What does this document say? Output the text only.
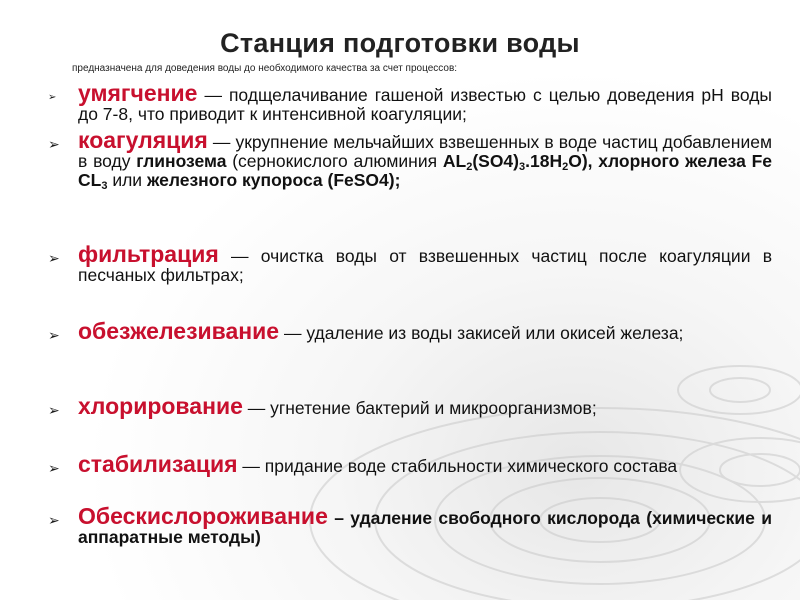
Станция подготовки воды
предназначена для доведения воды до необходимого качества за счет процессов:
➢ умягчение — подщелачивание гашеной известью с целью доведения pH воды до 7-8, что приводит к интенсивной коагуляции;
➢ коагуляция — укрупнение мельчайших взвешенных в воде частиц добавлением в воду глинозема (сернокислого алюминия $AL_2(SO4)_3.18H_2O$), хлорного железа Fe $CL_3$ или железного купороса (FeSO4);
➢ фильтрация — очистка воды от взвешенных частиц после коагуляции в песчаных фильтрах;
➢ обезжелезивание — удаление из воды закисей или окисей железа;
➢ хлорирование — угнетение бактерий и микроорганизмов;
➢ стабилизация — придание воде стабильности химического состава
➢ Обескислороживание – удаление свободного кислорода (химические и аппаратные методы)
